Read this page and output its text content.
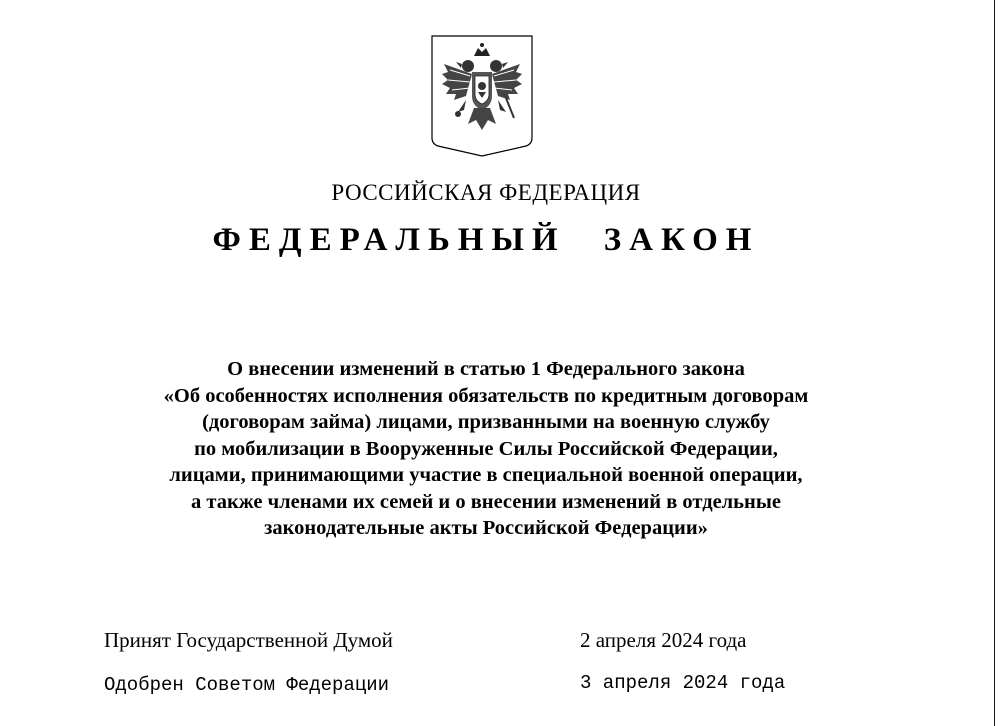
РОССИЙСКАЯ ФЕДЕРАЦИЯ
ФЕДЕРАЛЬНЫЙ ЗАКОН
О внесении изменений в статью 1 Федерального закона
«Об особенностях исполнения обязательств по кредитным договорам
(договорам займа) лицами, призванными на военную службу
по мобилизации в Вооруженные Силы Российской Федерации,
лицами, принимающими участие в специальной военной операции,
а также членами их семей и о внесении изменений в отдельные
законодательные акты Российской Федерации»
Принят Государственной Думой	2 апреля 2024 года
Одобрен Советом Федерации	3 апреля 2024 года
